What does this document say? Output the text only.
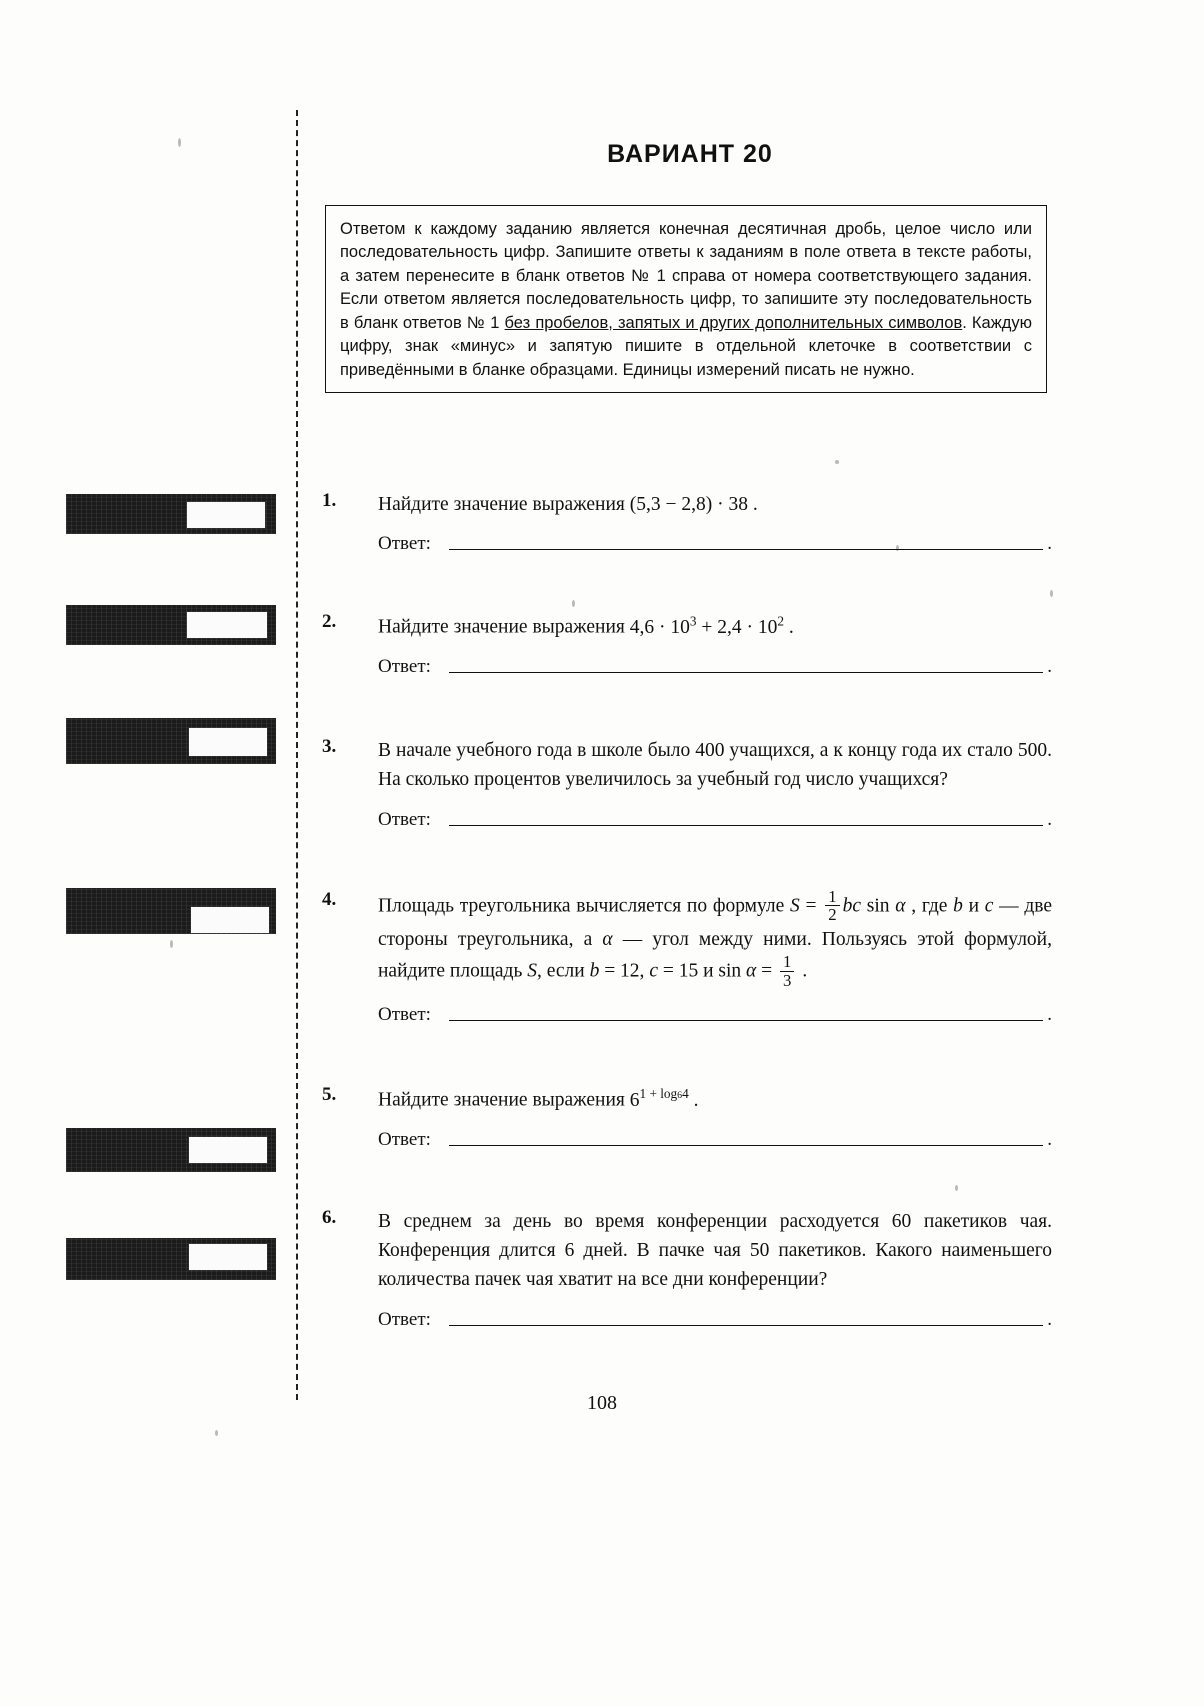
ВАРИАНТ 20
Ответом к каждому заданию является конечная десятичная дробь, целое число или последовательность цифр. Запишите ответы к заданиям в поле ответа в тексте работы, а затем перенесите в бланк ответов № 1 справа от номера соответствующего задания. Если ответом является последовательность цифр, то запишите эту последовательность в бланк ответов № 1 без пробелов, запятых и других дополнительных символов. Каждую цифру, знак «минус» и запятую пишите в отдельной клеточке в соответствии с приведёнными в бланке образцами. Единицы измерений писать не нужно.
1.	Найдите значение выражения (5,3 − 2,8) · 38 .
Ответ:	.
2.	Найдите значение выражения $4,6 \cdot 10^3 + 2,4 \cdot 10^2$ .
Ответ:	.
3.	В начале учебного года в школе было 400 учащихся, а к концу года их стало 500. На сколько процентов увеличилось за учебный год число учащихся?
Ответ:	.
4.	Площадь треугольника вычисляется по формуле $S = \frac{1}{2}$ bc sin α , где b и c — две стороны треугольника, а α — угол между ними. Пользуясь этой формулой, найдите площадь S, если b = 12, c = 15 и $\sin \alpha = \frac{1}{3}$ .
Ответ:	.
5.	Найдите значение выражения $6^{1 + log64}$ .
Ответ:	.
6.	В среднем за день во время конференции расходуется 60 пакетиков чая. Конференция длится 6 дней. В пачке чая 50 пакетиков. Какого наименьшего количества пачек чая хватит на все дни конференции?
Ответ:	.
108
